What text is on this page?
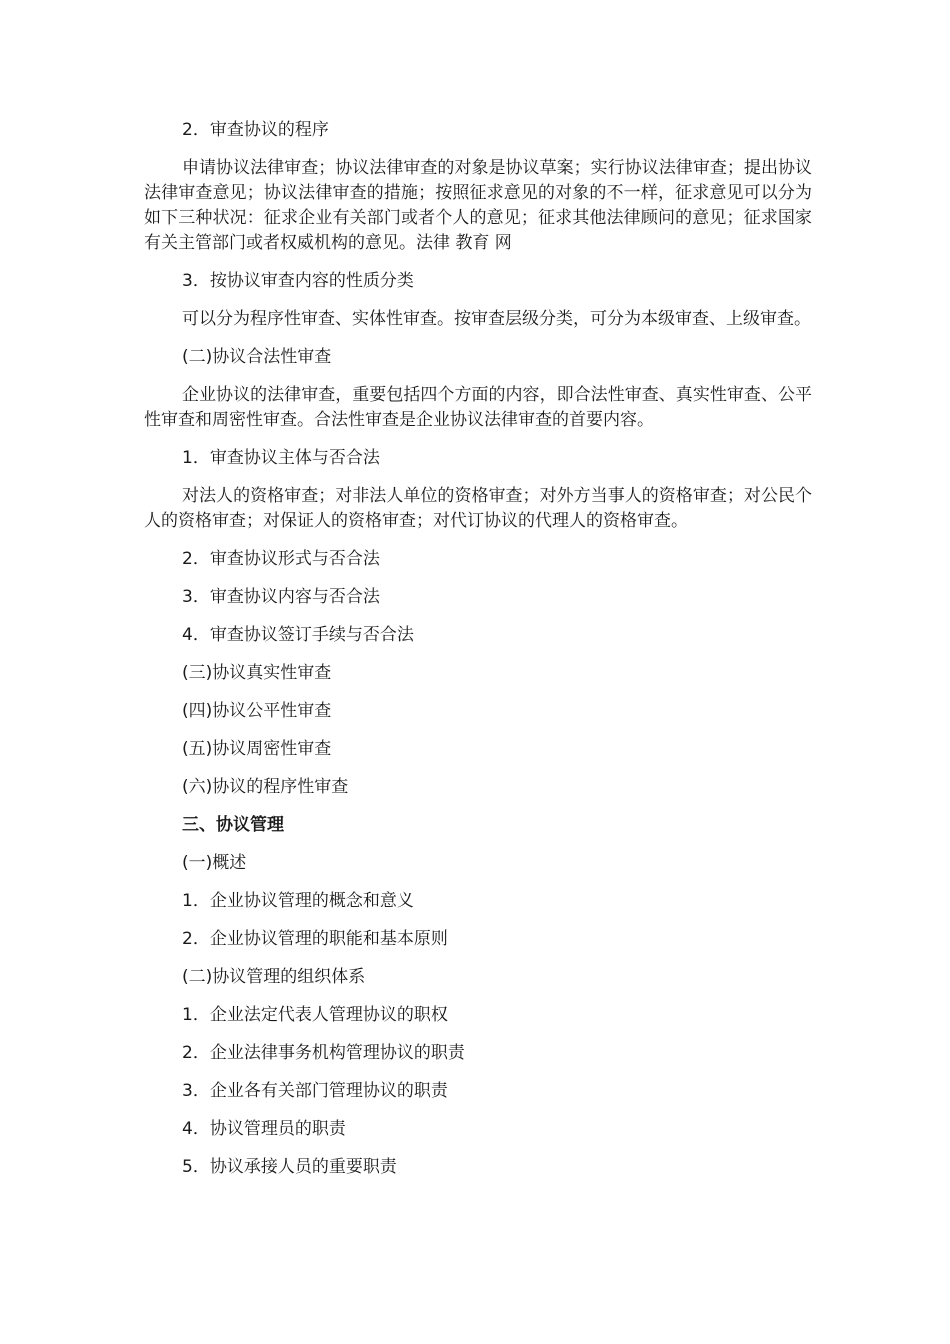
2．审查协议的程序

申请协议法律审查；协议法律审查的对象是协议草案；实行协议法律审查；提出协议法律审查意见；协议法律审查的措施；按照征求意见的对象的不一样，征求意见可以分为如下三种状况：征求企业有关部门或者个人的意见；征求其他法律顾问的意见；征求国家有关主管部门或者权威机构的意见。法律 教育 网

3．按协议审查内容的性质分类

可以分为程序性审查、实体性审查。按审查层级分类，可分为本级审查、上级审查。

(二)协议合法性审查

企业协议的法律审查，重要包括四个方面的内容，即合法性审查、真实性审查、公平性审查和周密性审查。合法性审查是企业协议法律审查的首要内容。

1．审查协议主体与否合法

对法人的资格审查；对非法人单位的资格审查；对外方当事人的资格审查；对公民个人的资格审查；对保证人的资格审查；对代订协议的代理人的资格审查。

2．审查协议形式与否合法

3．审查协议内容与否合法

4．审查协议签订手续与否合法

(三)协议真实性审查

(四)协议公平性审查

(五)协议周密性审查

(六)协议的程序性审查

三、协议管理

(一)概述

1．企业协议管理的概念和意义

2．企业协议管理的职能和基本原则

(二)协议管理的组织体系

1．企业法定代表人管理协议的职权

2．企业法律事务机构管理协议的职责

3．企业各有关部门管理协议的职责

4．协议管理员的职责

5．协议承接人员的重要职责
